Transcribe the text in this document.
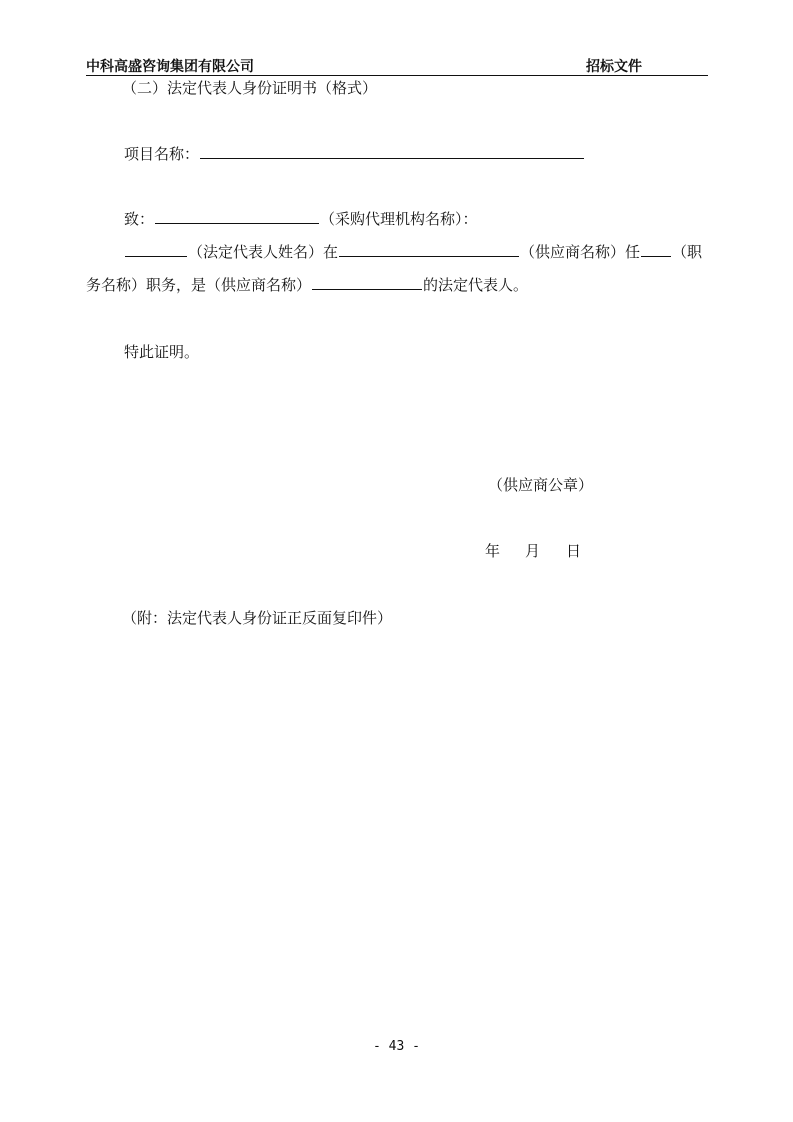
中科高盛咨询集团有限公司	招标文件
（二）法定代表人身份证明书（格式）
项目名称：
致：	（采购代理机构名称）：
（法定代表人姓名）在	（供应商名称）任 （职
务名称）职务，是（供应商名称）	的法定代表人。
特此证明。
（供应商公章）
年 月 日
（附：法定代表人身份证正反面复印件）
- 43 -
